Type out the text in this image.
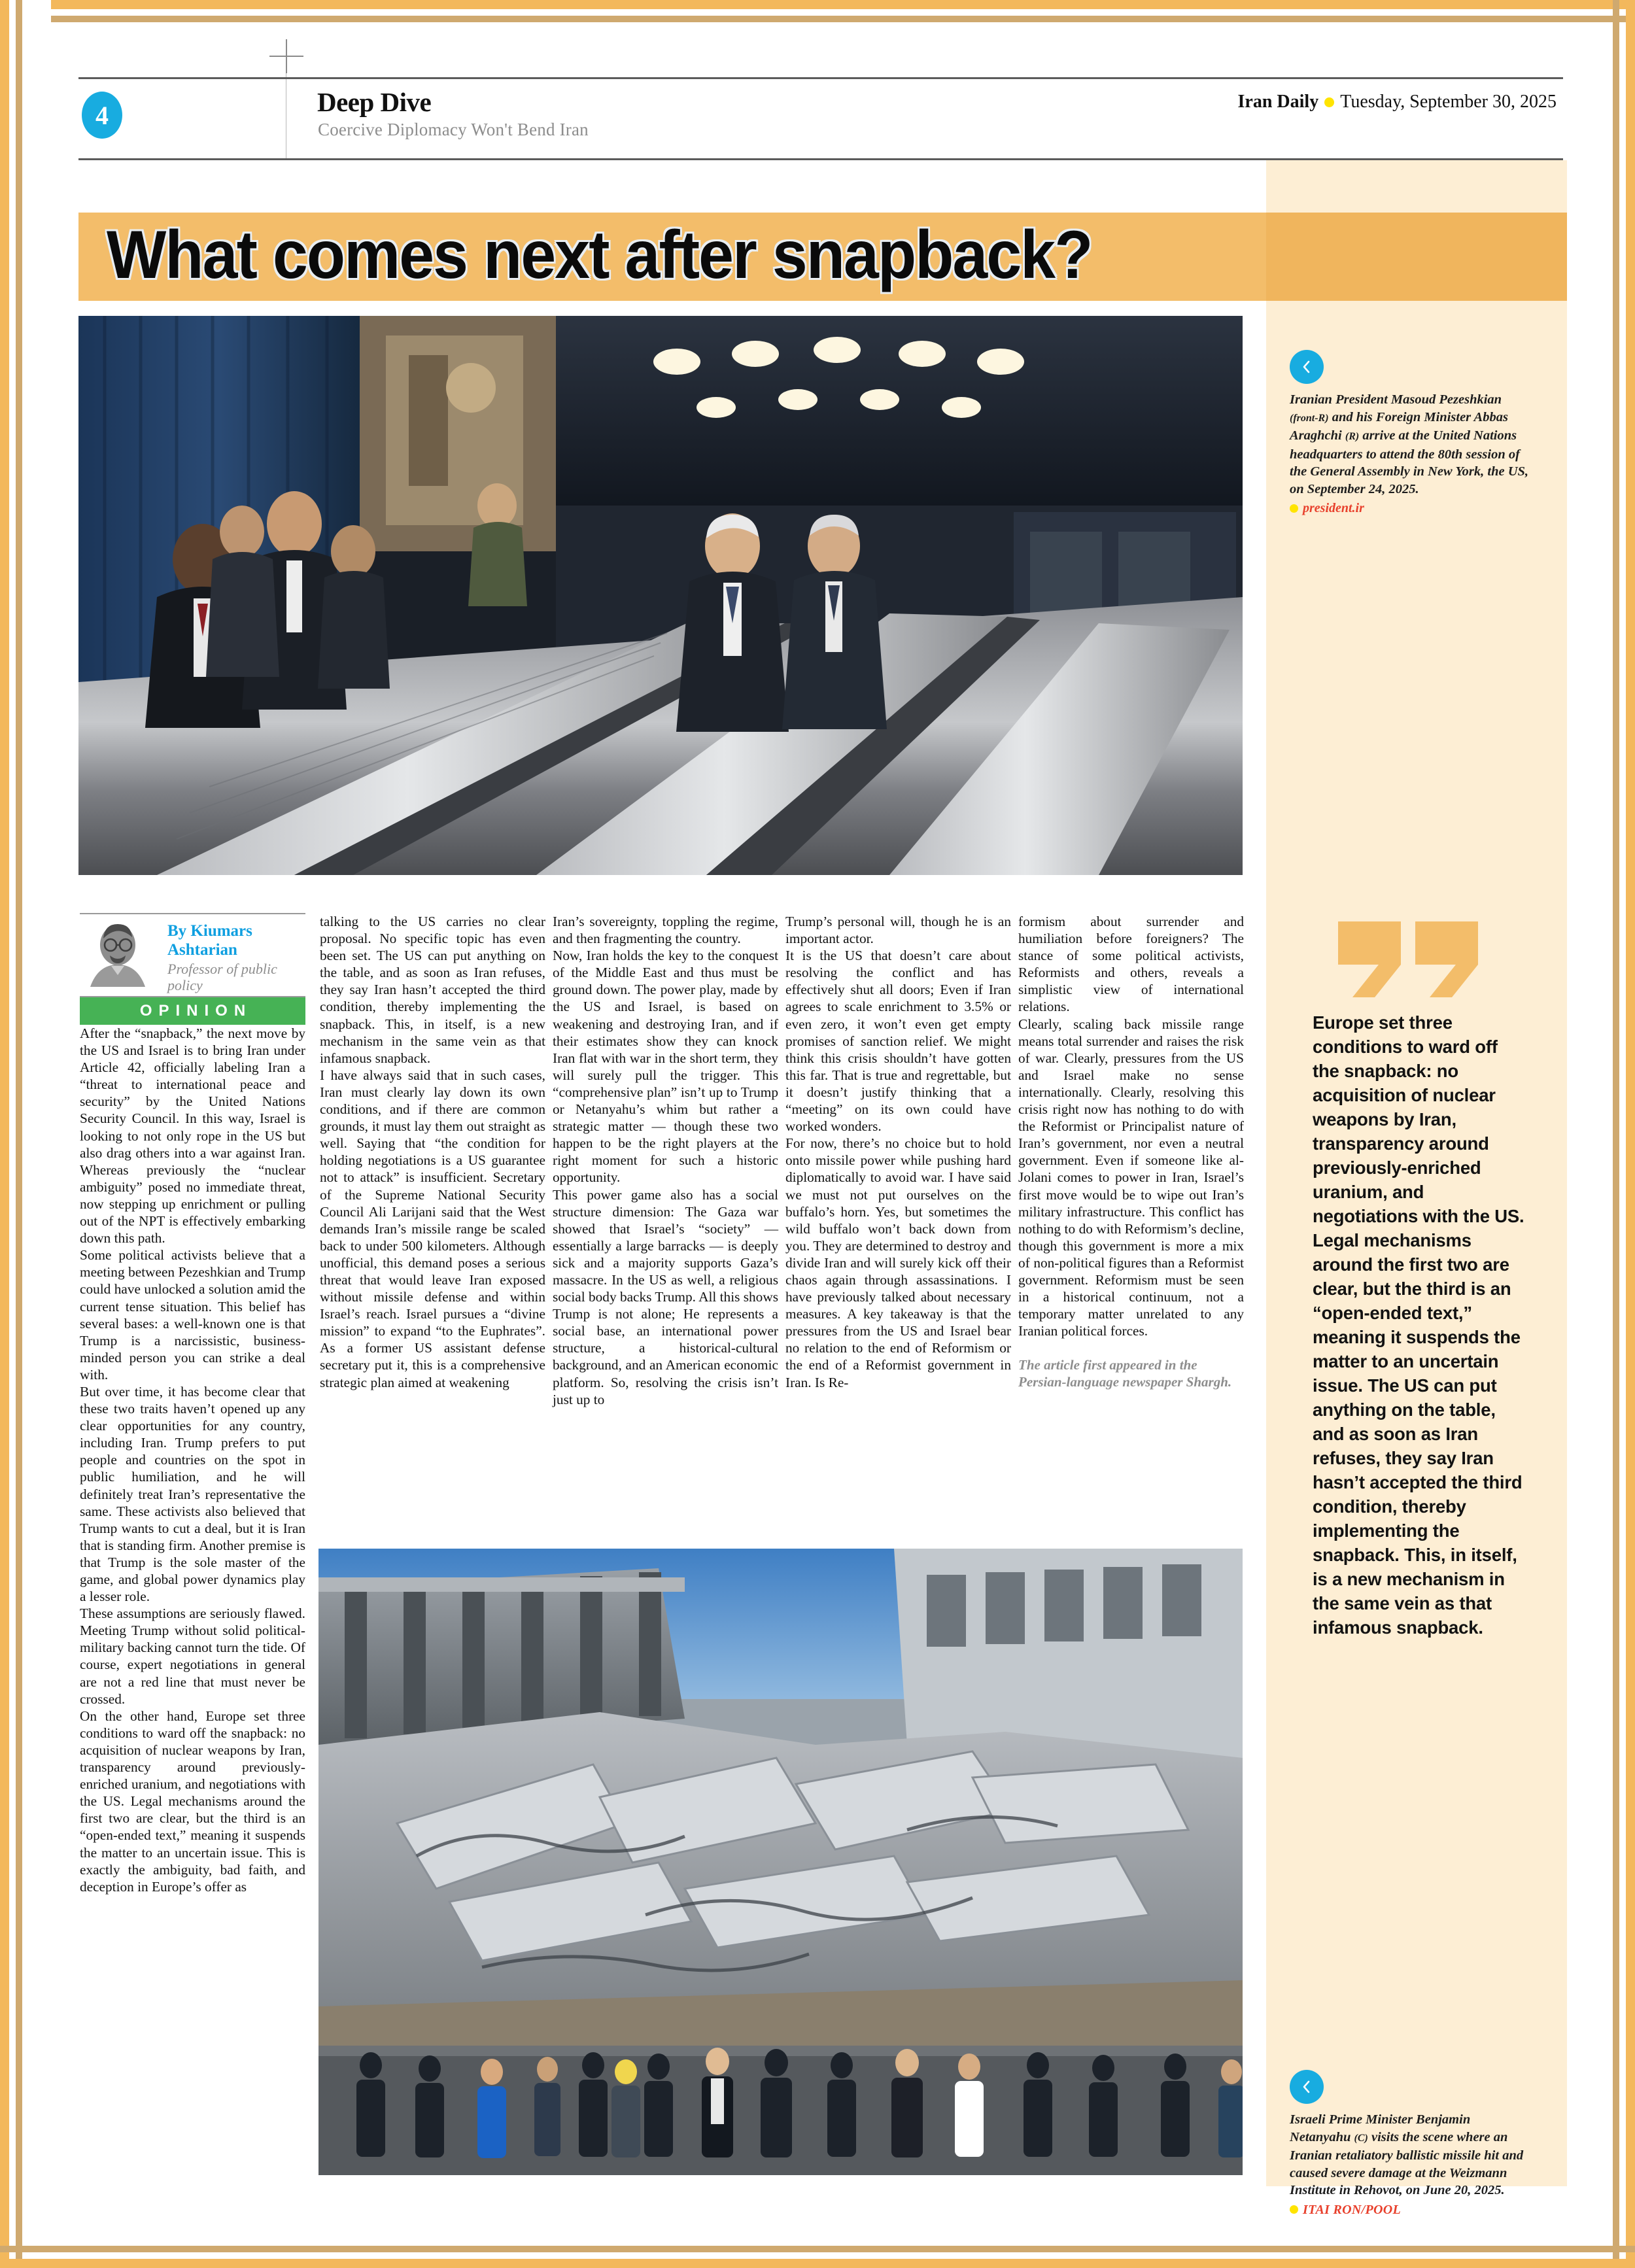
4	Deep Dive
Coercive Diplomacy Won't Bend Iran
Iran Daily Tuesday, September 30, 2025
What comes next after snapback?
Iranian President Masoud Pezeshkian (front-R) and his Foreign Minister Abbas Araghchi (R) arrive at the United Nations headquarters to attend the 80th session of the General Assembly in New York, the US, on September 24, 2025.
president.ir
By Kiumars Ashtarian
Professor of public policy
OPINION

After the “snapback,” the next move by the US and Israel is to bring Iran under Article 42, officially labeling Iran a “threat to international peace and security” by the United Nations Security Council. In this way, Israel is looking to not only rope in the US but also drag others into a war against Iran. Whereas previously the “nuclear ambiguity” posed no immediate threat, now stepping up enrichment or pulling out of the NPT is effectively embarking down this path.

Some political activists believe that a meeting between Pezeshkian and Trump could have unlocked a solution amid the current tense situation. This belief has several bases: a well-known one is that Trump is a narcissistic, business-minded person you can strike a deal with.

But over time, it has become clear that these two traits haven’t opened up any clear opportunities for any country, including Iran. Trump prefers to put people and countries on the spot in public humiliation, and he will definitely treat Iran’s representative the same. These activists also believed that Trump wants to cut a deal, but it is Iran that is standing firm. Another premise is that Trump is the sole master of the game, and global power dynamics play a lesser role.

These assumptions are seriously flawed. Meeting Trump without solid political-military backing cannot turn the tide. Of course, expert negotiations in general are not a red line that must never be crossed.

On the other hand, Europe set three conditions to ward off the snapback: no acquisition of nuclear weapons by Iran, transparency around previously-enriched uranium, and negotiations with the US. Legal mechanisms around the first two are clear, but the third is an “open-ended text,” meaning it suspends the matter to an uncertain issue. This is exactly the ambiguity, bad faith, and deception in Europe’s offer as

talking to the US carries no clear proposal. No specific topic has even been set. The US can put anything on the table, and as soon as Iran refuses, they say Iran hasn’t accepted the third condition, thereby implementing the snapback. This, in itself, is a new mechanism in the same vein as that infamous snapback.

I have always said that in such cases, Iran must clearly lay down its own conditions, and if there are common grounds, it must lay them out straight as well. Saying that “the condition for holding negotiations is a US guarantee not to attack” is insufficient. Secretary of the Supreme National Security Council Ali Larijani said that the West demands Iran’s missile range be scaled back to under 500 kilometers. Although unofficial, this demand poses a serious threat that would leave Iran exposed without missile defense and within Israel’s reach. Israel pursues a “divine mission” to expand “to the Euphrates”. As a former US assistant defense secretary put it, this is a comprehensive strategic plan aimed at weakening

Iran’s sovereignty, toppling the regime, and then fragmenting the country.

Now, Iran holds the key to the conquest of the Middle East and thus must be ground down. The power play, made by the US and Israel, is based on weakening and destroying Iran, and if their estimates show they can knock Iran flat with war in the short term, they will surely pull the trigger. This “comprehensive plan” isn’t up to Trump or Netanyahu’s whim but rather a strategic matter — though these two happen to be the right players at the right moment for such a historic opportunity.

This power game also has a social structure dimension: The Gaza war showed that Israel’s “society” — essentially a large barracks — is deeply sick and a majority supports Gaza’s massacre. In the US as well, a religious social body backs Trump. All this shows Trump is not alone; He represents a social base, an international power structure, a historical-cultural background, and an American economic platform. So, resolving the crisis isn’t just up to

Trump’s personal will, though he is an important actor.

It is the US that doesn’t care about resolving the conflict and has effectively shut all doors; Even if Iran agrees to scale enrichment to 3.5% or even zero, it won’t even get empty promises of sanction relief. We might think this crisis shouldn’t have gotten this far. That is true and regrettable, but it doesn’t justify thinking that a “meeting” on its own could have worked wonders.

For now, there’s no choice but to hold onto missile power while pushing hard diplomatically to avoid war. I have said we must not put ourselves on the buffalo’s horn. Yes, but sometimes the wild buffalo won’t back down from you. They are determined to destroy and divide Iran and will surely kick off their chaos again through assassinations. I have previously talked about necessary measures. A key takeaway is that the pressures from the US and Israel bear no relation to the end of Reformism or the end of a Reformist government in Iran. Is Re-

formism about surrender and humiliation before foreigners? The stance of some political activists, Reformists and others, reveals a simplistic view of international relations.

Clearly, scaling back missile range means total surrender and raises the risk of war. Clearly, pressures from the US and Israel make no sense internationally. Clearly, resolving this crisis right now has nothing to do with the Reformist or Principalist nature of Iran’s government, nor even a neutral government. Even if someone like al-Jolani comes to power in Iran, Israel’s first move would be to wipe out Iran’s military infrastructure. This conflict has nothing to do with Reformism’s decline, though this government is more a mix of non-political figures than a Reformist government. Reformism must be seen in a historical continuum, not a temporary matter unrelated to any Iranian political forces.

The article first appeared in the Persian-language newspaper Shargh.
Europe set three conditions to ward off the snapback: no acquisition of nuclear weapons by Iran, transparency around previously-enriched uranium, and negotiations with the US. Legal mechanisms around the first two are clear, but the third is an “open-ended text,” meaning it suspends the matter to an uncertain issue. The US can put anything on the table, and as soon as Iran refuses, they say Iran hasn’t accepted the third condition, thereby implementing the snapback. This, in itself, is a new mechanism in the same vein as that infamous snapback.
Israeli Prime Minister Benjamin Netanyahu (C) visits the scene where an Iranian retaliatory ballistic missile hit and caused severe damage at the Weizmann Institute in Rehovot, on June 20, 2025.
ITAI RON/POOL
